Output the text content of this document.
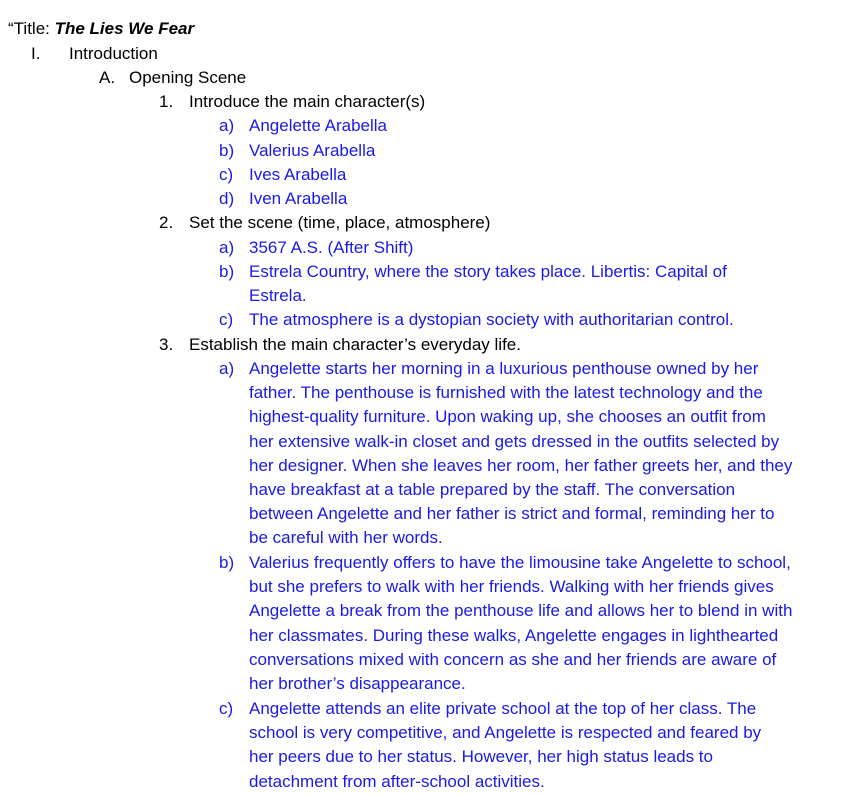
“Title: The Lies We Fear
I. Introduction
A. Opening Scene
1. Introduce the main character(s)
a) Angelette Arabella
b) Valerius Arabella
c) Ives Arabella
d) Iven Arabella
2. Set the scene (time, place, atmosphere)
a) 3567 A.S. (After Shift)
b) Estrela Country, where the story takes place. Libertis: Capital of Estrela.
c) The atmosphere is a dystopian society with authoritarian control.
3. Establish the main character’s everyday life.
a) Angelette starts her morning in a luxurious penthouse owned by her father. The penthouse is furnished with the latest technology and the highest-quality furniture. Upon waking up, she chooses an outfit from her extensive walk-in closet and gets dressed in the outfits selected by her designer. When she leaves her room, her father greets her, and they have breakfast at a table prepared by the staff. The conversation between Angelette and her father is strict and formal, reminding her to be careful with her words.
b) Valerius frequently offers to have the limousine take Angelette to school, but she prefers to walk with her friends. Walking with her friends gives Angelette a break from the penthouse life and allows her to blend in with her classmates. During these walks, Angelette engages in lighthearted conversations mixed with concern as she and her friends are aware of her brother’s disappearance.
c) Angelette attends an elite private school at the top of her class. The school is very competitive, and Angelette is respected and feared by her peers due to her status. However, her high status leads to detachment from after-school activities.
